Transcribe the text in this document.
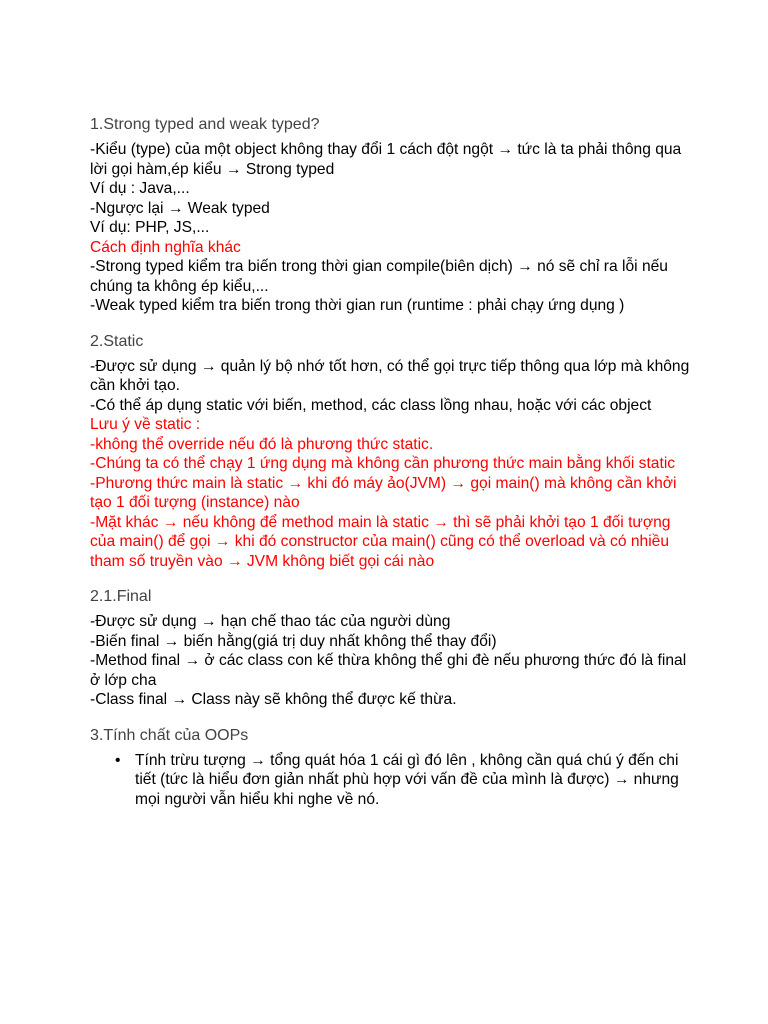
1.Strong typed and weak typed?

-Kiểu (type) của một object không thay đổi 1 cách đột ngột → tức là ta phải thông qua lời gọi hàm,ép kiểu → Strong typed

Ví dụ : Java,...

-Ngược lại → Weak typed

Ví dụ: PHP, JS,...

Cách định nghĩa khác

-Strong typed kiểm tra biến trong thời gian compile(biên dịch) → nó sẽ chỉ ra lỗi nếu chúng ta không ép kiểu,...

-Weak typed kiểm tra biến trong thời gian run (runtime : phải chạy ứng dụng )

2.Static

-Được sử dụng → quản lý bộ nhớ tốt hơn, có thể gọi trực tiếp thông qua lớp mà không cần khởi tạo.

-Có thể áp dụng static với biến, method, các class lồng nhau, hoặc với các object

Lưu ý về static :

-không thể override nếu đó là phương thức static.

-Chúng ta có thể chạy 1 ứng dụng mà không cần phương thức main bằng khối static

-Phương thức main là static → khi đó máy ảo(JVM) → gọi main() mà không cần khởi tạo 1 đối tượng (instance) nào

-Mặt khác → nếu không để method main là static → thì sẽ phải khởi tạo 1 đối tượng của main() để gọi → khi đó constructor của main() cũng có thể overload và có nhiều tham số truyền vào → JVM không biết gọi cái nào

2.1.Final

-Được sử dụng → hạn chế thao tác của người dùng

-Biến final → biến hằng(giá trị duy nhất không thể thay đổi)

-Method final → ở các class con kế thừa không thể ghi đè nếu phương thức đó là final ở lớp cha

-Class final → Class này sẽ không thể được kế thừa.

3.Tính chất của OOPs
• Tính trừu tượng → tổng quát hóa 1 cái gì đó lên , không cần quá chú ý đến chi tiết (tức là hiểu đơn giản nhất phù hợp với vấn đề của mình là được) → nhưng mọi người vẫn hiểu khi nghe về nó.
